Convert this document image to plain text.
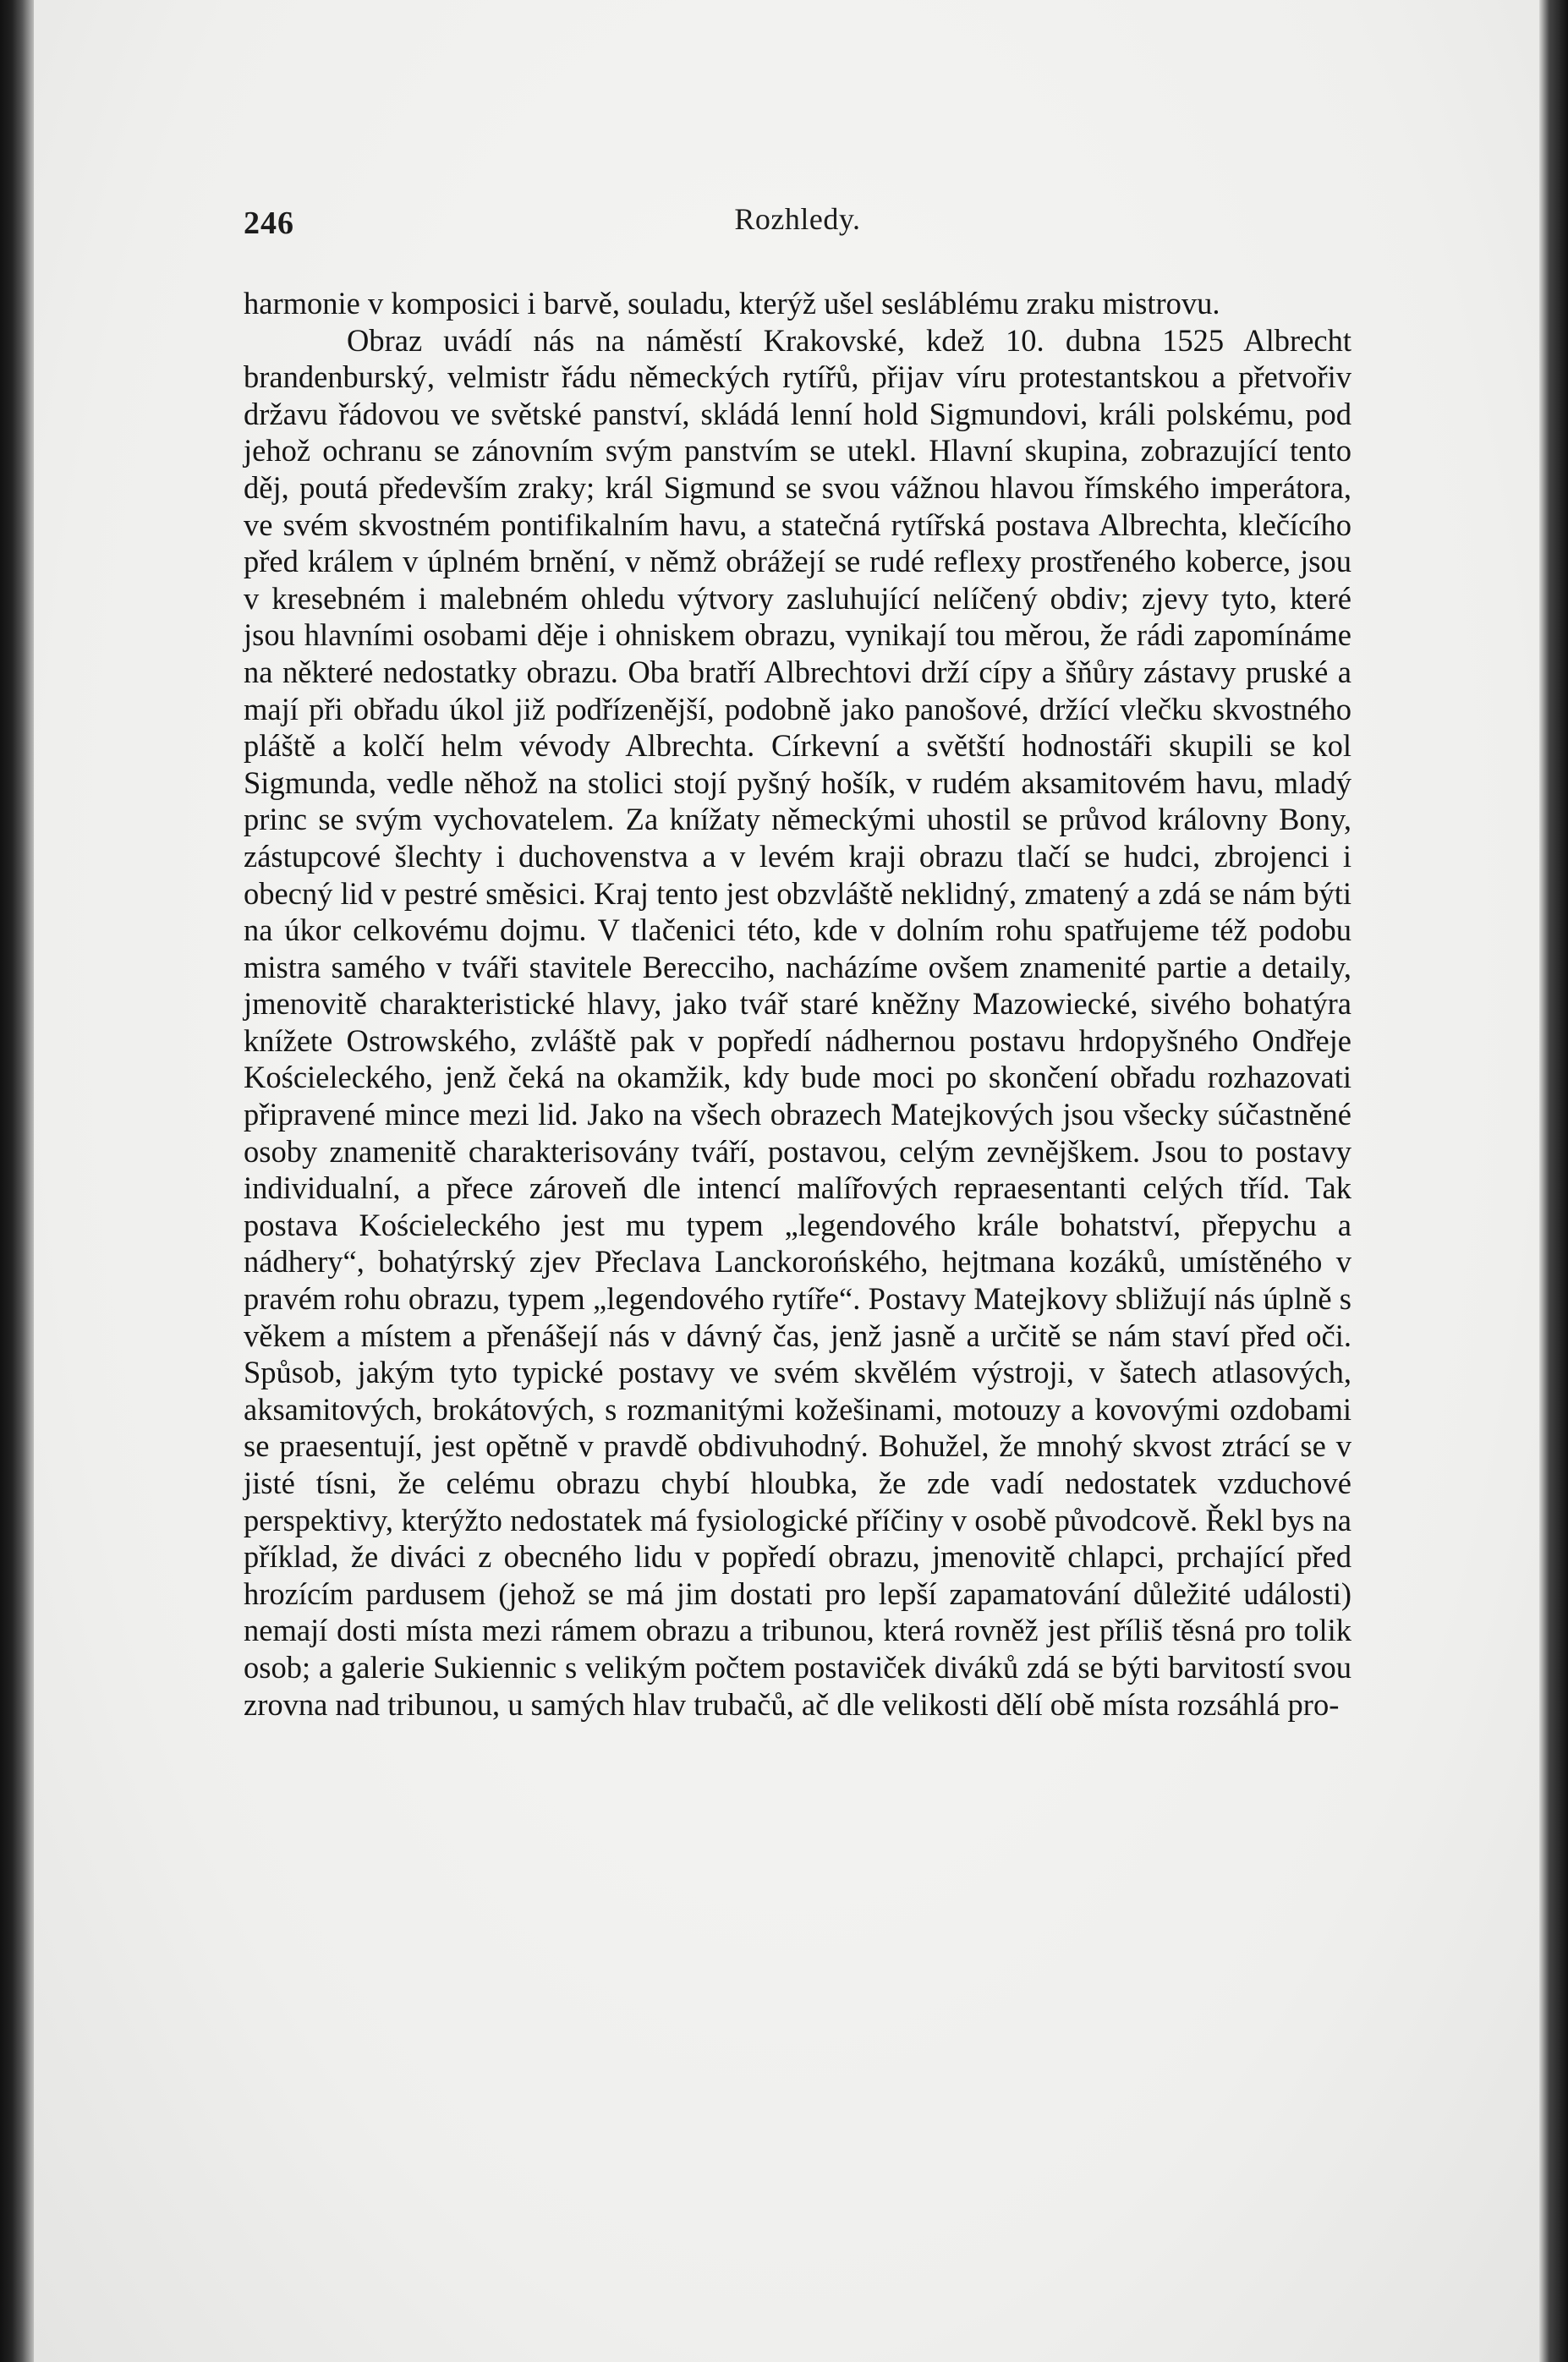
246	Rozhledy.

harmonie v komposici i barvě, souladu, kterýž ušel sesláblému zraku mistrovu.

Obraz uvádí nás na náměstí Krakovské, kdež 10. dubna 1525 Albrecht brandenburský, velmistr řádu německých rytířů, přijav víru protestantskou a přetvořiv državu řádovou ve světské panství, skládá lenní hold Sigmundovi, králi polskému, pod jehož ochranu se zánovním svým panstvím se utekl. Hlavní skupina, zobrazující tento děj, poutá především zraky; král Sigmund se svou vážnou hlavou římského imperátora, ve svém skvostném pontifikalním havu, a statečná rytířská postava Albrechta, klečícího před králem v úplném brnění, v němž obrážejí se rudé reflexy prostřeného koberce, jsou v kresebném i malebném ohledu výtvory zasluhující nelíčený obdiv; zjevy tyto, které jsou hlavními osobami děje i ohniskem obrazu, vynikají tou měrou, že rádi zapomínáme na některé nedostatky obrazu. Oba bratří Albrechtovi drží cípy a šňůry zástavy pruské a mají při obřadu úkol již podřízenější, podobně jako panošové, držící vlečku skvostného pláště a kolčí helm vévody Albrechta. Církevní a světští hodnostáři skupili se kol Sigmunda, vedle něhož na stolici stojí pyšný hošík, v rudém aksamitovém havu, mladý princ se svým vychovatelem. Za knížaty německými uhostil se průvod královny Bony, zástupcové šlechty i duchovenstva a v levém kraji obrazu tlačí se hudci, zbrojenci i obecný lid v pestré směsici. Kraj tento jest obzvláště neklidný, zmatený a zdá se nám býti na úkor celkovému dojmu. V tlačenici této, kde v dolním rohu spatřujeme též podobu mistra samého v tváři stavitele Berecciho, nacházíme ovšem znamenité partie a detaily, jmenovitě charakteristické hlavy, jako tvář staré kněžny Mazowiecké, sivého bohatýra knížete Ostrowského, zvláště pak v popředí nádhernou postavu hrdopyšného Ondřeje Kościeleckého, jenž čeká na okamžik, kdy bude moci po skončení obřadu rozhazovati připravené mince mezi lid. Jako na všech obrazech Matejkových jsou všecky súčastněné osoby znamenitě charakterisovány tváří, postavou, celým zevnějškem. Jsou to postavy individualní, a přece zároveň dle intencí malířových repraesentanti celých tříd. Tak postava Kościeleckého jest mu typem „legendového krále bohatství, přepychu a nádhery“, bohatýrský zjev Přeclava Lanckorońského, hejtmana kozáků, umístěného v pravém rohu obrazu, typem „legendového rytíře“. Postavy Matejkovy sbližují nás úplně s věkem a místem a přenášejí nás v dávný čas, jenž jasně a určitě se nám staví před oči. Spůsob, jakým tyto typické postavy ve svém skvělém výstroji, v šatech atlasových, aksamitových, brokátových, s rozmanitými kožešinami, motouzy a kovovými ozdobami se praesentují, jest opětně v pravdě obdivuhodný. Bohužel, že mnohý skvost ztrácí se v jisté tísni, že celému obrazu chybí hloubka, že zde vadí nedostatek vzduchové perspektivy, kterýžto nedostatek má fysiologické příčiny v osobě původcově. Řekl bys na příklad, že diváci z obecného lidu v popředí obrazu, jmenovitě chlapci, prchající před hrozícím pardusem (jehož se má jim dostati pro lepší zapamatování důležité události) nemají dosti místa mezi rámem obrazu a tribunou, která rovněž jest příliš těsná pro tolik osob; a galerie Sukiennic s velikým počtem postaviček diváků zdá se býti barvitostí svou zrovna nad tribunou, u samých hlav trubačů, ač dle velikosti dělí obě místa rozsáhlá pro-
